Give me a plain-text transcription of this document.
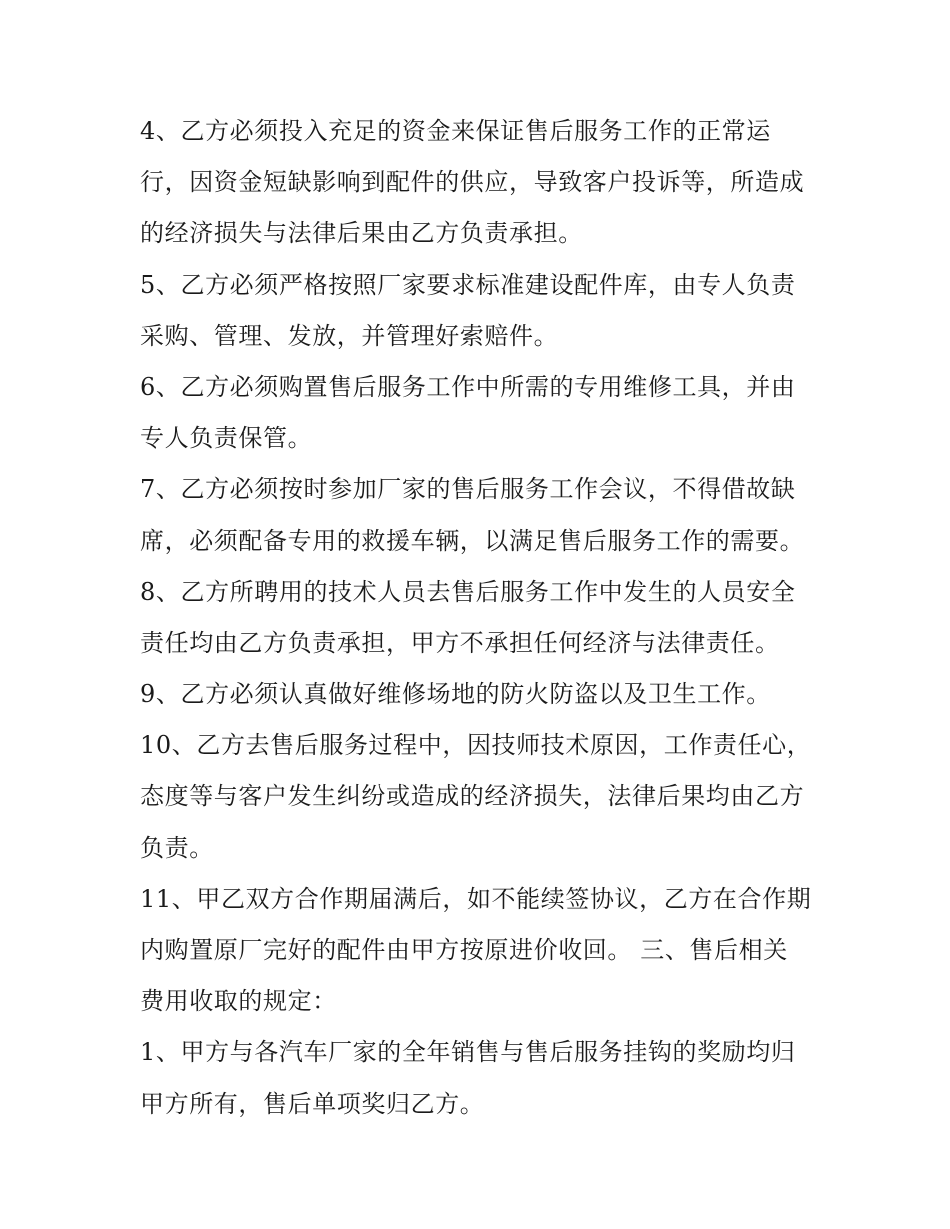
4、乙方必须投入充足的资金来保证售后服务工作的正常运
行，因资金短缺影响到配件的供应，导致客户投诉等，所造成
的经济损失与法律后果由乙方负责承担。
5、乙方必须严格按照厂家要求标准建设配件库，由专人负责
采购、管理、发放，并管理好索赔件。
6、乙方必须购置售后服务工作中所需的专用维修工具，并由
专人负责保管。
7、乙方必须按时参加厂家的售后服务工作会议，不得借故缺
席，必须配备专用的救援车辆，以满足售后服务工作的需要。
8、乙方所聘用的技术人员去售后服务工作中发生的人员安全
责任均由乙方负责承担，甲方不承担任何经济与法律责任。
9、乙方必须认真做好维修场地的防火防盗以及卫生工作。
10、乙方去售后服务过程中，因技师技术原因，工作责任心，
态度等与客户发生纠纷或造成的经济损失，法律后果均由乙方
负责。
11、甲乙双方合作期届满后，如不能续签协议，乙方在合作期
内购置原厂完好的配件由甲方按原进价收回。 三、售后相关
费用收取的规定：
1、甲方与各汽车厂家的全年销售与售后服务挂钩的奖励均归
甲方所有，售后单项奖归乙方。
